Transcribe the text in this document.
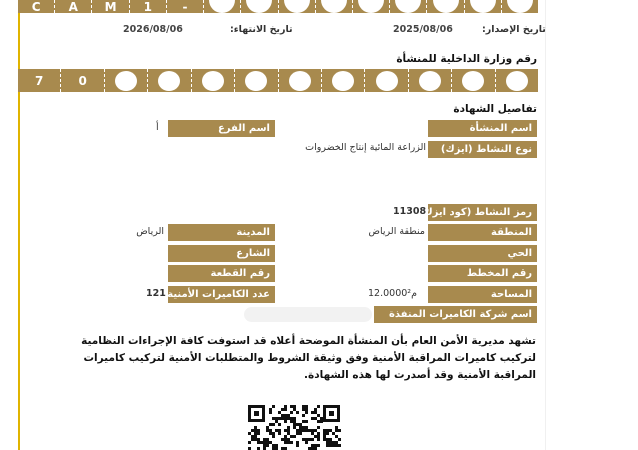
C A M 1	-
تاريخ الإصدار:
2025/08/06
تاريخ الانتهاء:
2026/08/06
رقم وزارة الداخلية للمنشأة
7	0
تفاصيل الشهادة
اسم المنشأة
اسم الفرع
أ
نوع النشاط (ايزك)
الزراعة المائية إنتاج الخضروات
رمز النشاط (كود ايزك)
11308
المنطقة
منطقة الرياض
المدينة
الرياض
الحي
الشارع
رقم المخطط
رقم القطعة
المساحة
12.0000م²
عدد الكاميرات الأمنية
121
اسم شركة الكاميرات المنفذة
تشهد مديرية الأمن العام بأن المنشأة الموضحة أعلاه قد استوفت كافة الإجراءات النظامية لتركيب كاميرات المراقبة الأمنية وفق وثيقة الشروط والمتطلبات الأمنية لتركيب كاميرات المراقبة الأمنية وقد أصدرت لها هذه الشهادة.
